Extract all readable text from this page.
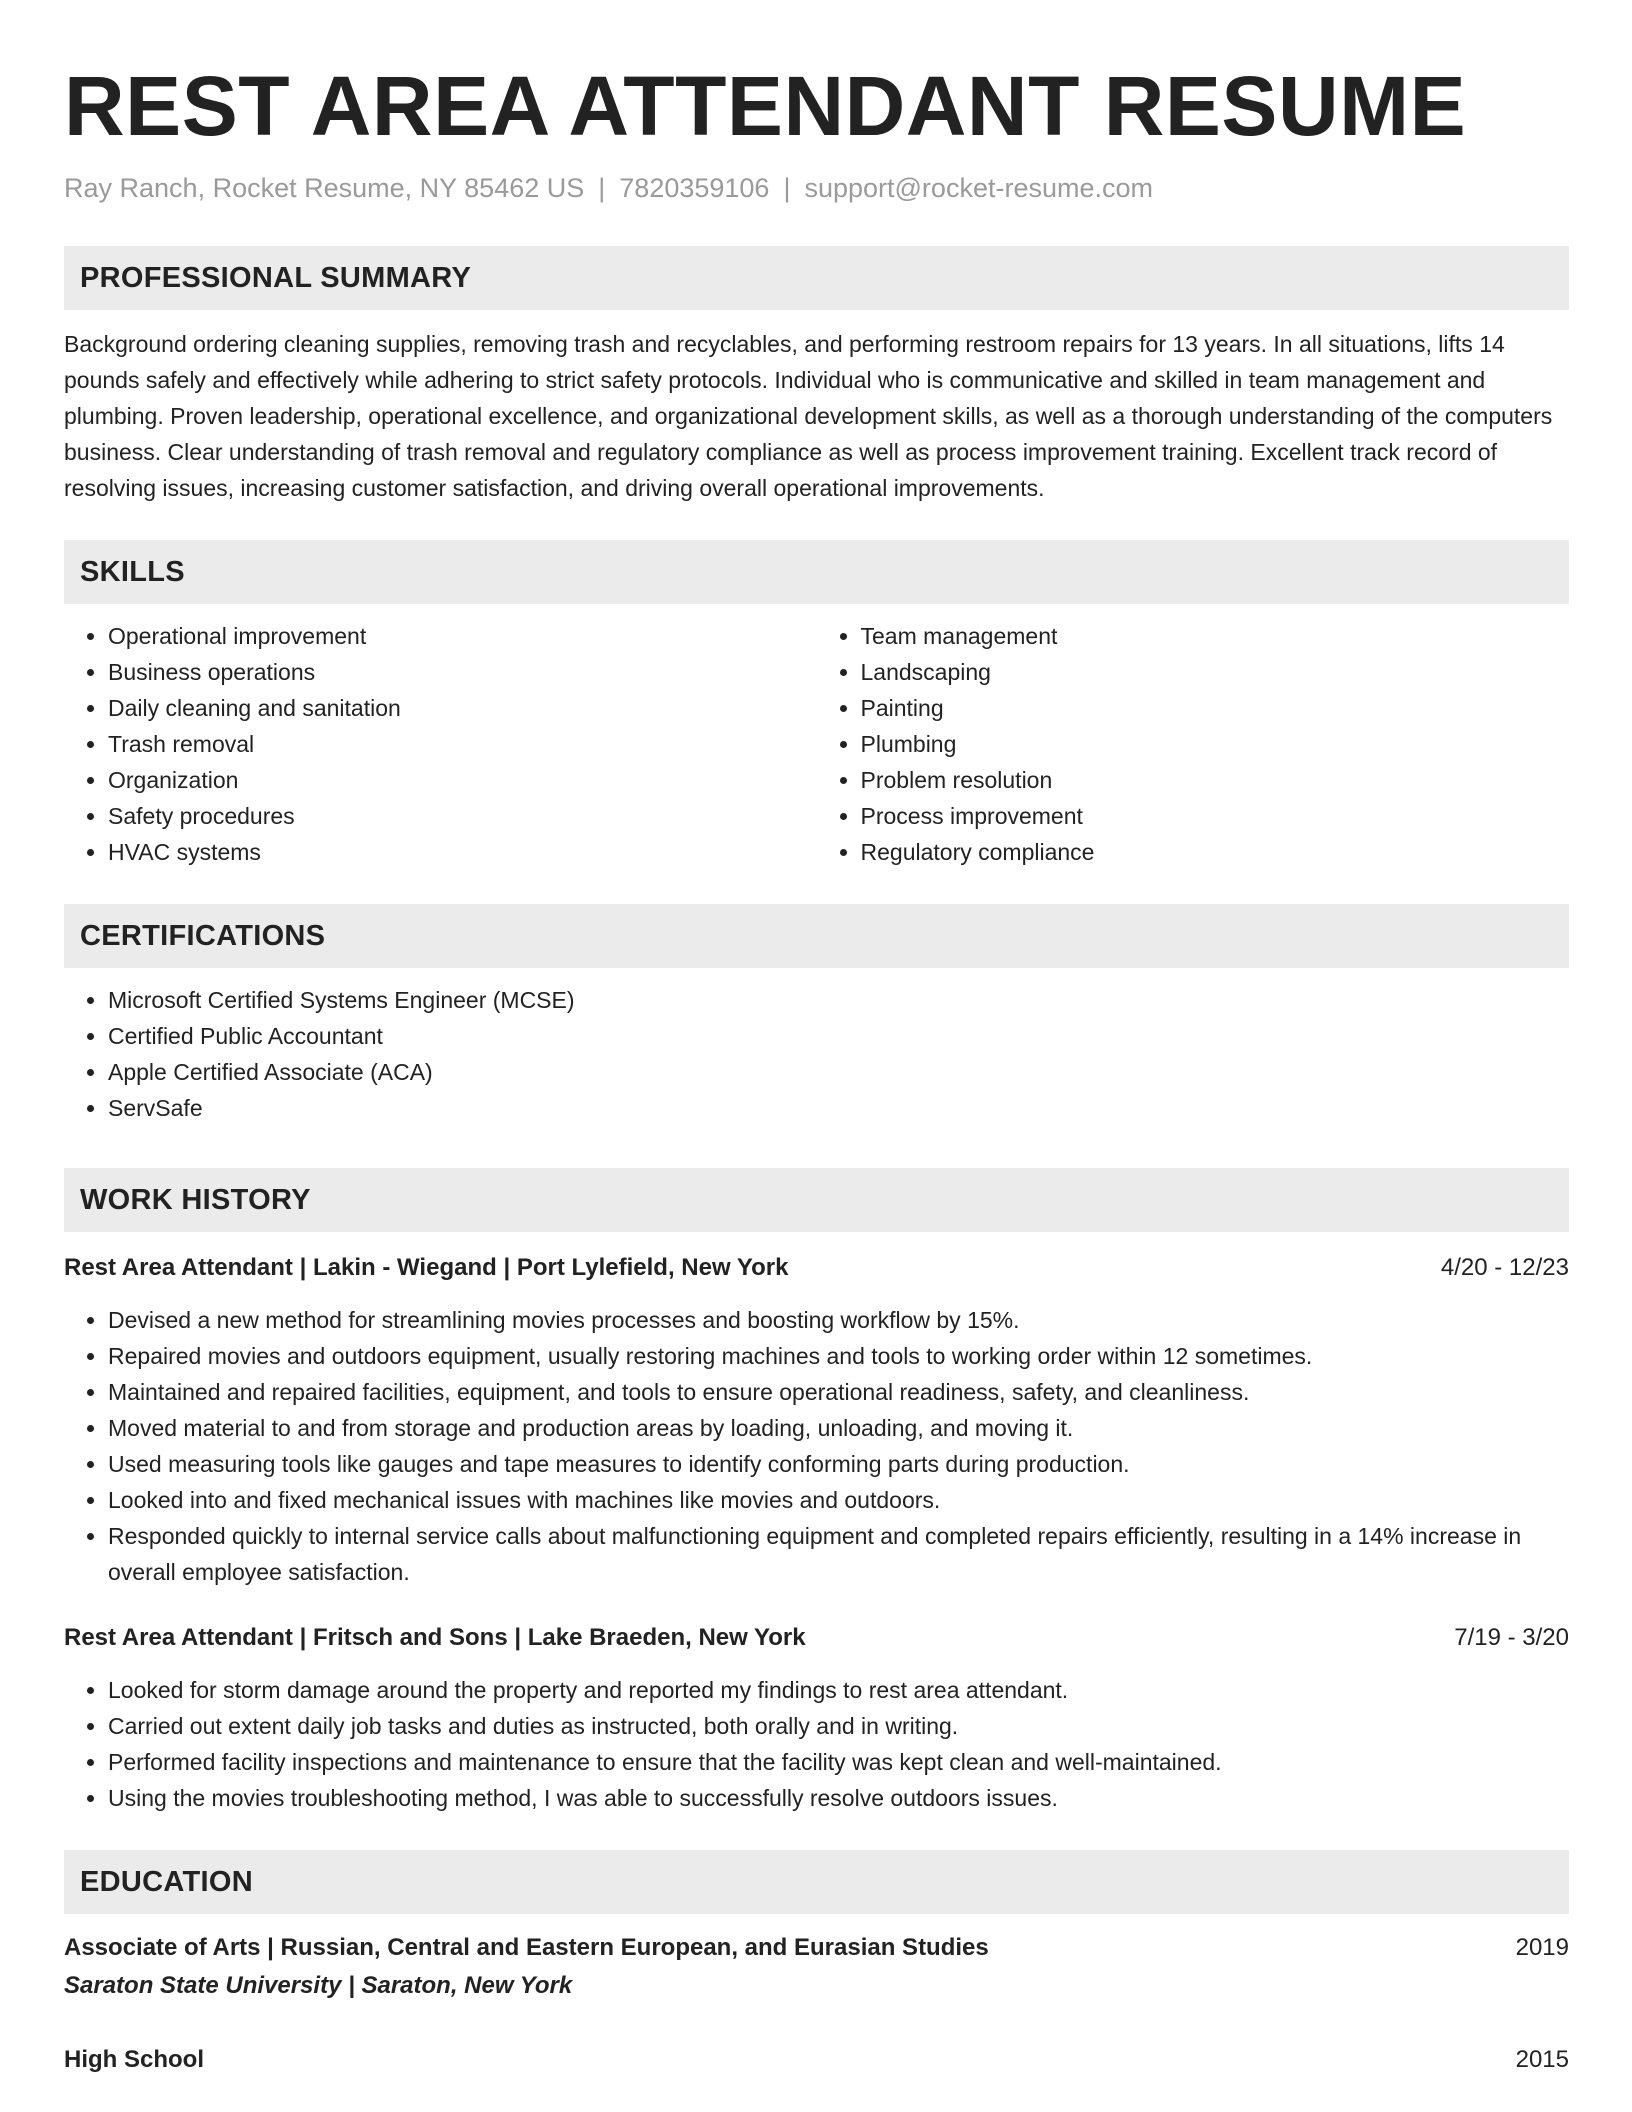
REST AREA ATTENDANT RESUME
Ray Ranch, Rocket Resume, NY 85462 US | 7820359106 | support@rocket-resume.com
PROFESSIONAL SUMMARY

Background ordering cleaning supplies, removing trash and recyclables, and performing restroom repairs for 13 years. In all situations, lifts 14 pounds safely and effectively while adhering to strict safety protocols. Individual who is communicative and skilled in team management and plumbing. Proven leadership, operational excellence, and organizational development skills, as well as a thorough understanding of the computers business. Clear understanding of trash removal and regulatory compliance as well as process improvement training. Excellent track record of resolving issues, increasing customer satisfaction, and driving overall operational improvements.

SKILLS
• Operational improvement
• Business operations
• Daily cleaning and sanitation
• Trash removal
• Organization
• Safety procedures
• HVAC systems
• Team management
• Landscaping
• Painting
• Plumbing
• Problem resolution
• Process improvement
• Regulatory compliance
CERTIFICATIONS
• Microsoft Certified Systems Engineer (MCSE)
• Certified Public Accountant
• Apple Certified Associate (ACA)
• ServSafe
WORK HISTORY
Rest Area Attendant | Lakin - Wiegand | Port Lylefield, New York	4/20 - 12/23
• Devised a new method for streamlining movies processes and boosting workflow by 15%.
• Repaired movies and outdoors equipment, usually restoring machines and tools to working order within 12 sometimes.
• Maintained and repaired facilities, equipment, and tools to ensure operational readiness, safety, and cleanliness.
• Moved material to and from storage and production areas by loading, unloading, and moving it.
• Used measuring tools like gauges and tape measures to identify conforming parts during production.
• Looked into and fixed mechanical issues with machines like movies and outdoors.
• Responded quickly to internal service calls about malfunctioning equipment and completed repairs efficiently, resulting in a 14% increase in overall employee satisfaction.
Rest Area Attendant | Fritsch and Sons | Lake Braeden, New York	7/19 - 3/20
• Looked for storm damage around the property and reported my findings to rest area attendant.
• Carried out extent daily job tasks and duties as instructed, both orally and in writing.
• Performed facility inspections and maintenance to ensure that the facility was kept clean and well-maintained.
• Using the movies troubleshooting method, I was able to successfully resolve outdoors issues.
EDUCATION
Associate of Arts | Russian, Central and Eastern European, and Eurasian Studies	2019
Saraton State University | Saraton, New York
High School	2015
